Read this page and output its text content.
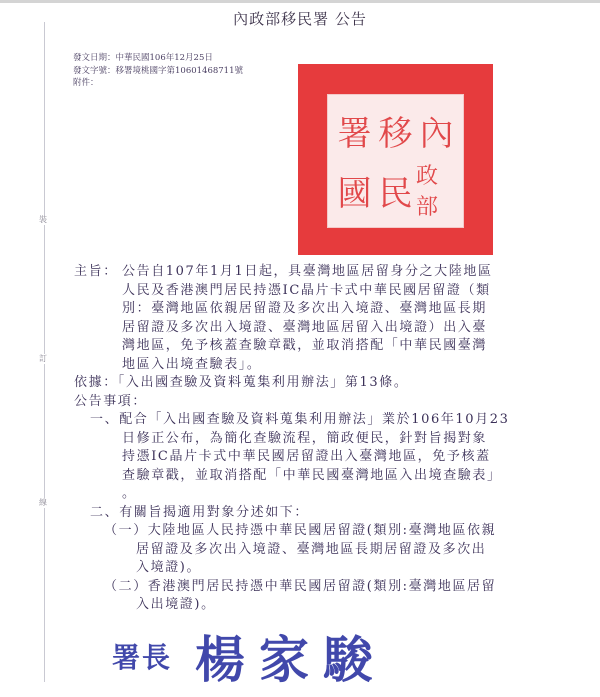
裝
訂
線
內政部移民署 公告
發文日期：中華民國106年12月25日
發文字號：移署境桃國字第10601468711號
附件：
署 移 內
國 民 政部
主旨： 公告自107年1月1日起，具臺灣地區居留身分之大陸地區
人民及香港澳門居民持憑IC晶片卡式中華民國居留證（類
別：臺灣地區依親居留證及多次出入境證、臺灣地區長期
居留證及多次出入境證、臺灣地區居留入出境證）出入臺
灣地區，免予核蓋查驗章戳，並取消搭配「中華民國臺灣
地區入出境查驗表」。
依據：「入出國查驗及資料蒐集利用辦法」第13條。
公告事項：
一、配合「入出國查驗及資料蒐集利用辦法」業於106年10月23
日修正公布，為簡化查驗流程，簡政便民，針對旨揭對象
持憑IC晶片卡式中華民國居留證出入臺灣地區，免予核蓋
查驗章戳，並取消搭配「中華民國臺灣地區入出境查驗表」
。
二、有關旨揭適用對象分述如下：
（一）大陸地區人民持憑中華民國居留證(類別:臺灣地區依親
居留證及多次出入境證、臺灣地區長期居留證及多次出
入境證)。
（二）香港澳門居民持憑中華民國居留證(類別:臺灣地區居留
入出境證)。
署長 楊家駿
